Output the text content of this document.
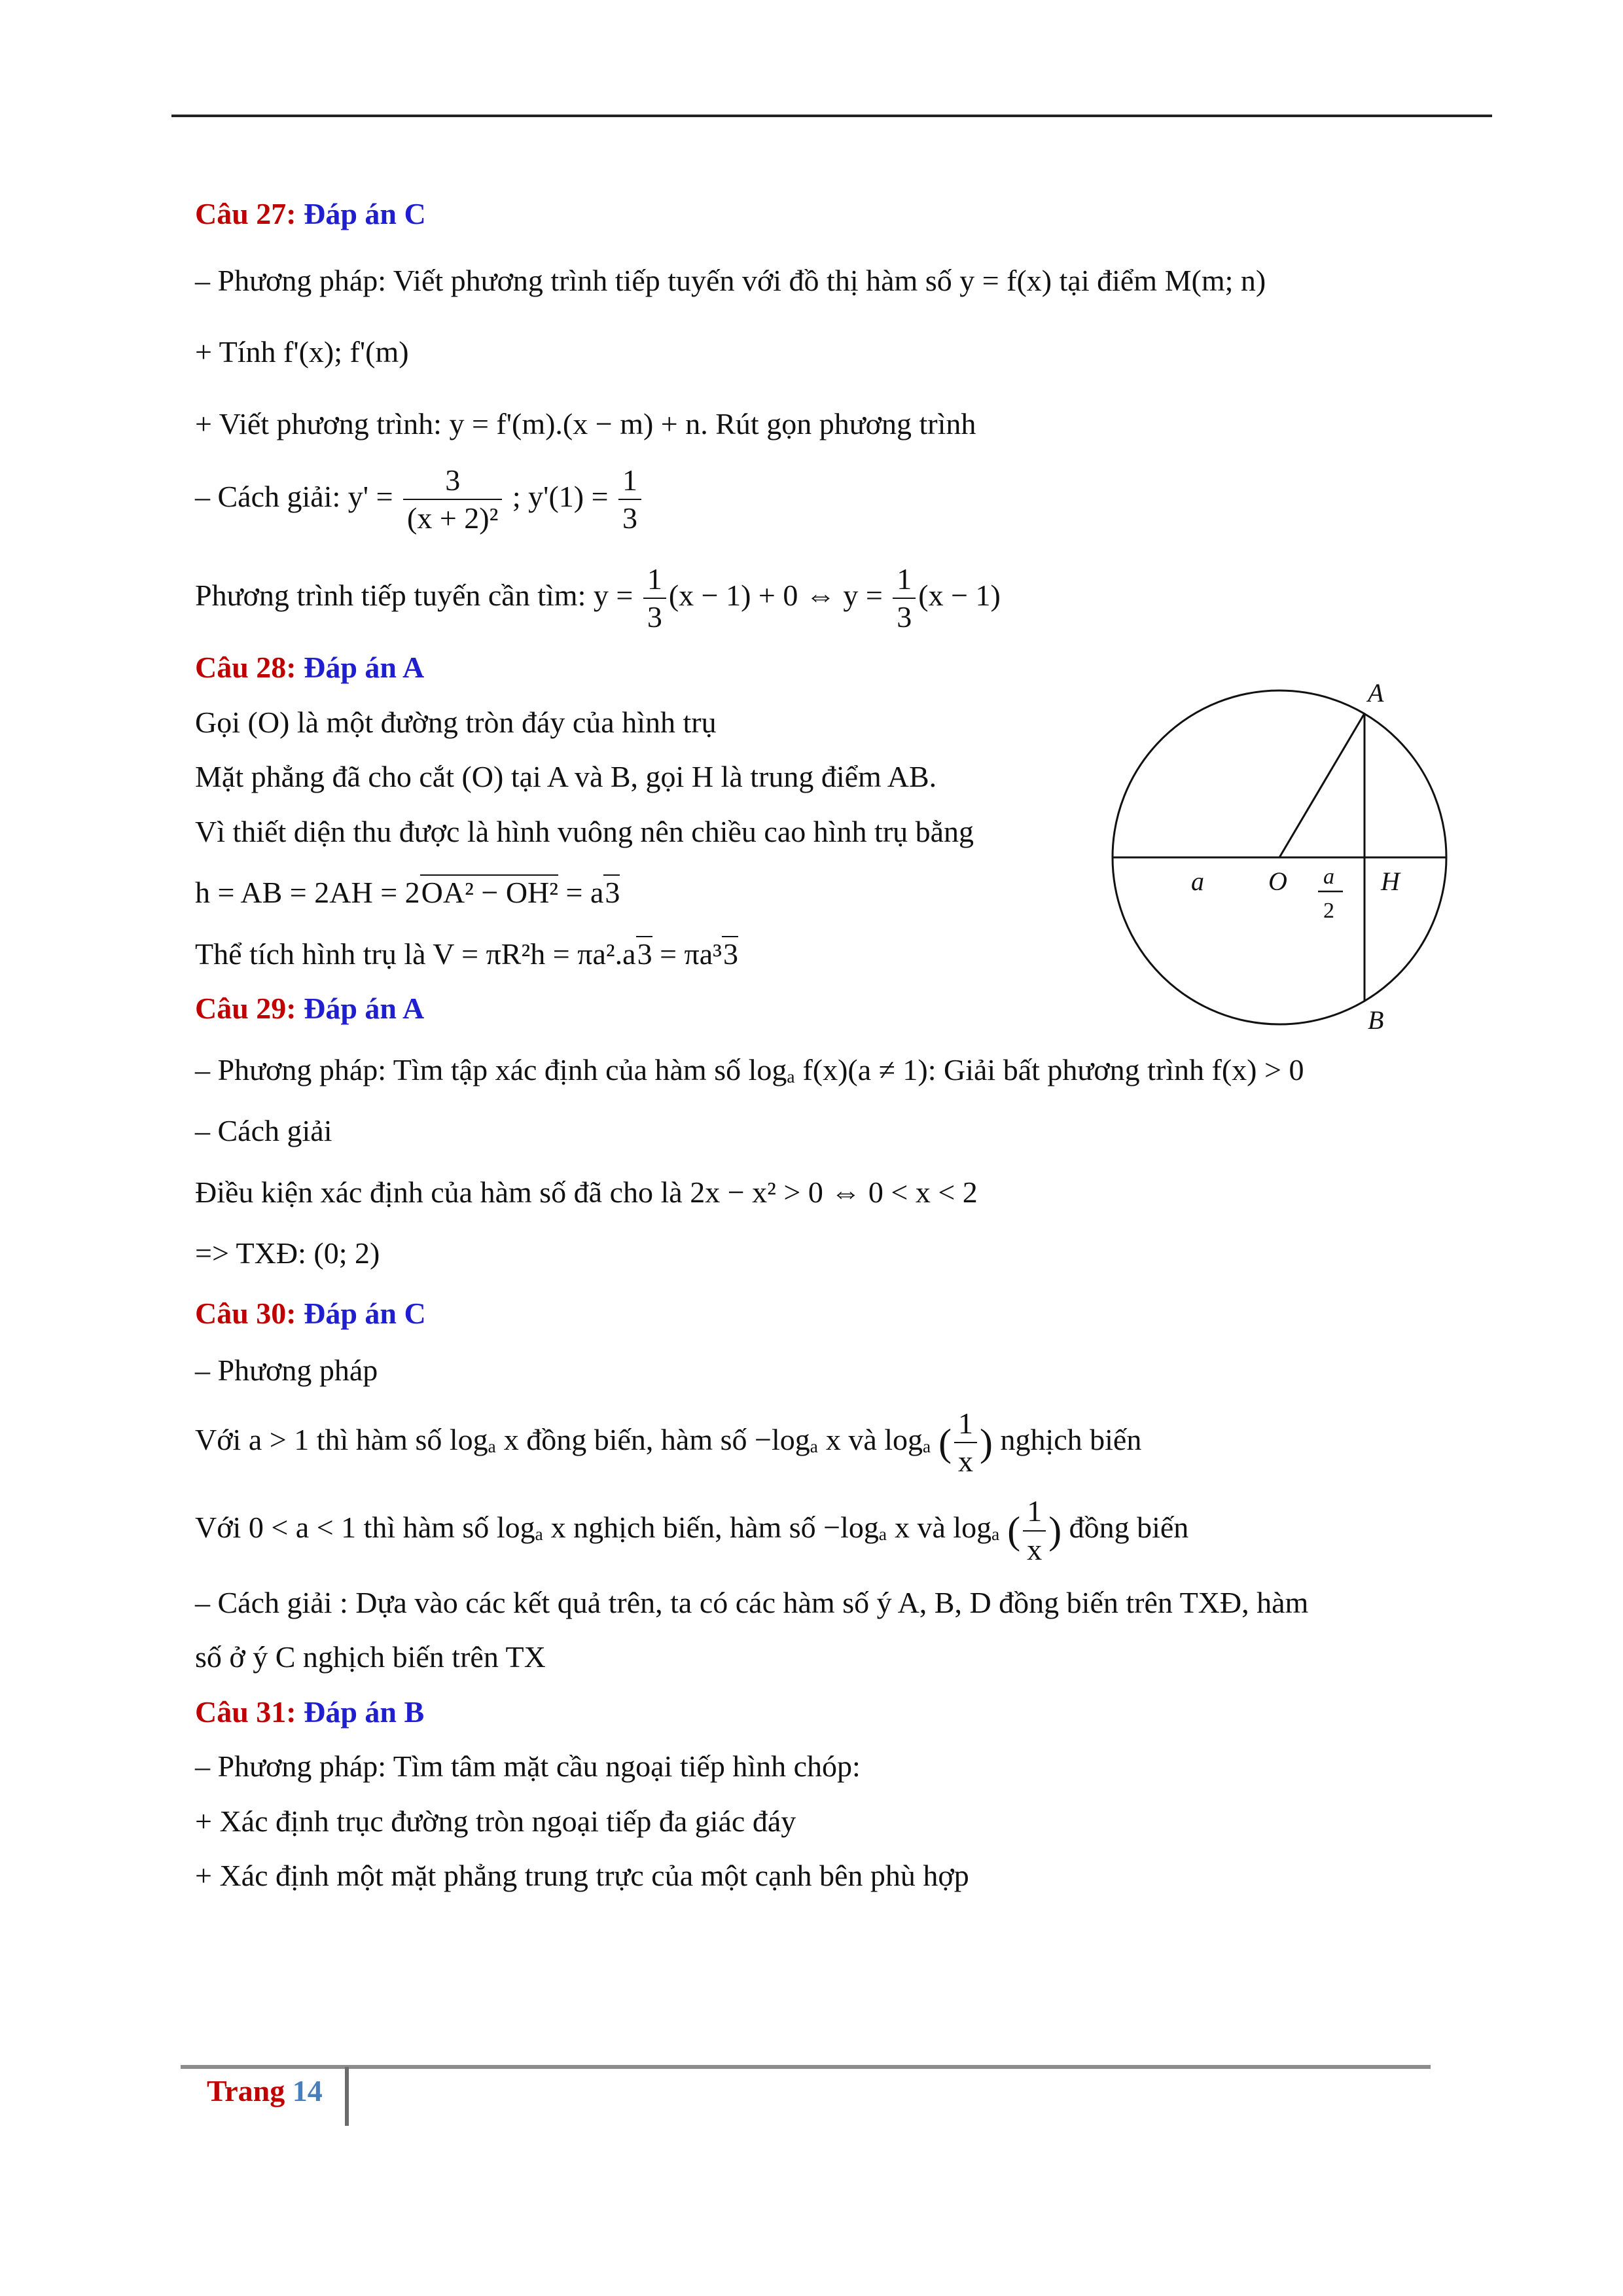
Câu 27: Đáp án C

– Phương pháp: Viết phương trình tiếp tuyến với đồ thị hàm số y = f(x) tại điểm M(m; n)

+ Tính f'(x); f'(m)

+ Viết phương trình: y = f'(m).(x − m) + n. Rút gọn phương trình

– Cách giải: $y' = \frac{3}{\text{(x + 2)²}}$ ; $y'(1) = \frac{1}{3}$

Phương trình tiếp tuyến cần tìm: $y = \frac{1}{3} (x - 1) + 0$ ⇔ $y = \frac{1}{3} (x - 1)$

Câu 28: Đáp án A

Gọi (O) là một đường tròn đáy của hình trụ

Mặt phẳng đã cho cắt (O) tại A và B, gọi H là trung điểm AB.

Vì thiết diện thu được là hình vuông nên chiều cao hình trụ bằng

h = AB = 2AH = 2OA² − OH² = a3

Thể tích hình trụ là V = πR²h = πa².a3 = πa³3

Câu 29: Đáp án A

– Phương pháp: Tìm tập xác định của hàm số logₐ f(x)(a ≠ 1): Giải bất phương trình f(x) > 0

– Cách giải

Điều kiện xác định của hàm số đã cho là 2x − x² > 0 ⇔ 0 < x < 2

=> TXĐ: (0; 2)

Câu 30: Đáp án C

– Phương pháp

Với a > 1 thì hàm số logₐ x đồng biến, hàm số −logₐ x và logₐ ( $\frac{1}{x}$ ) nghịch biến

Với 0 < a < 1 thì hàm số logₐ x nghịch biến, hàm số −logₐ x và logₐ ( $\frac{1}{x}$ ) đồng biến

– Cách giải : Dựa vào các kết quả trên, ta có các hàm số ý A, B, D đồng biến trên TXĐ, hàm

số ở ý C nghịch biến trên TX

Câu 31: Đáp án B

– Phương pháp: Tìm tâm mặt cầu ngoại tiếp hình chóp:

+ Xác định trục đường tròn ngoại tiếp đa giác đáy

+ Xác định một mặt phẳng trung trực của một cạnh bên phù hợp

A
B
O	H
a	a
2
Trang 14
